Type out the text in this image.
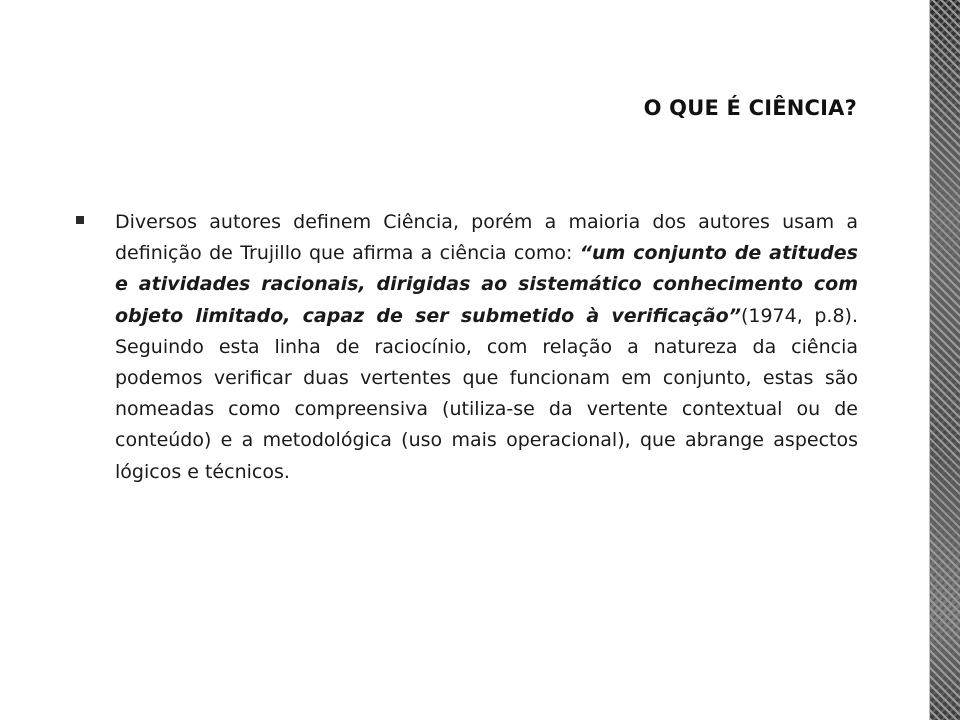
O QUE É CIÊNCIA?
Diversos autores definem Ciência, porém a maioria dos autores usam a definição de Trujillo que afirma a ciência como: “um conjunto de atitudes e atividades racionais, dirigidas ao sistemático conhecimento com objeto limitado, capaz de ser submetido à verificação”(1974, p.8). Seguindo esta linha de raciocínio, com relação a natureza da ciência podemos verificar duas vertentes que funcionam em conjunto, estas são nomeadas como compreensiva (utiliza-se da vertente contextual ou de conteúdo) e a metodológica (uso mais operacional), que abrange aspectos lógicos e técnicos.
